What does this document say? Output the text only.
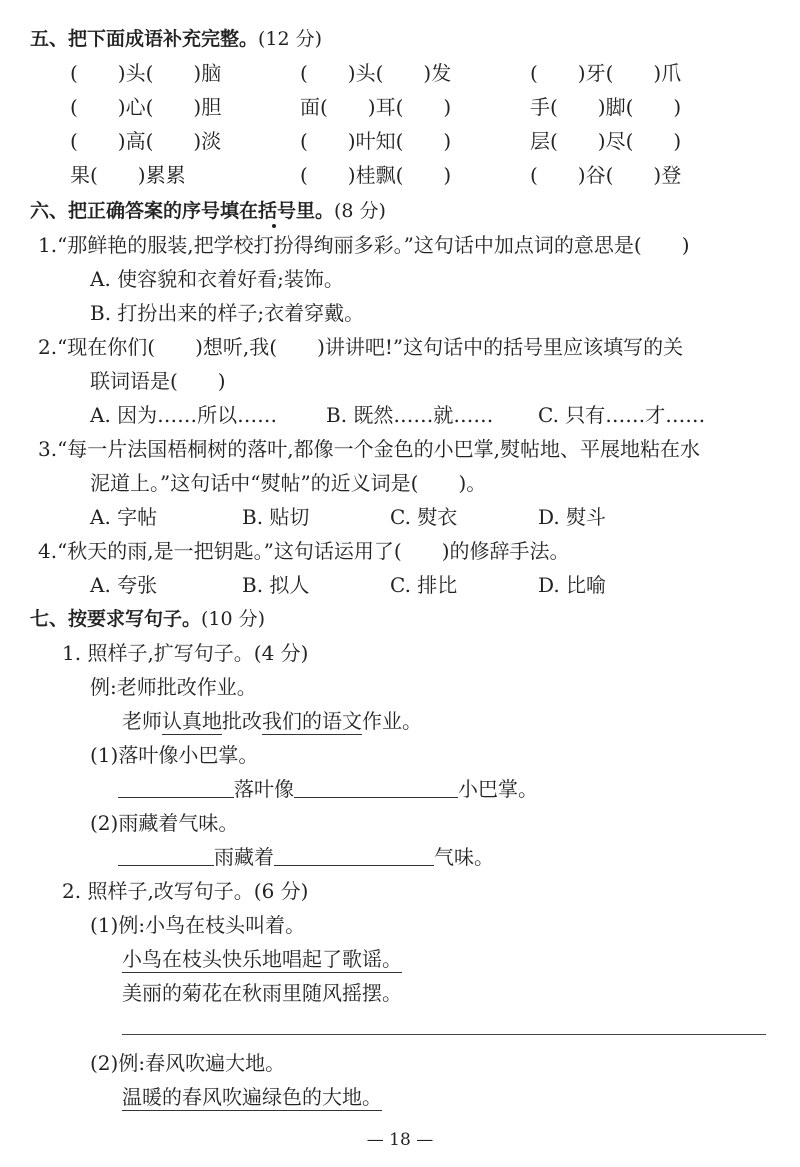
五、把下面成语补充完整。(12 分)
(　　)头(　　)脑	(　　)头(　　)发	(　　)牙(　　)爪
(　　)心(　　)胆	面(　　)耳(　　)	手(　　)脚(　　)
(　　)高(　　)淡	(　　)叶知(　　)	层(　　)尽(　　)
果(　　)累累	(　　)桂飘(　　)	(　　)谷(　　)登
六、把正确答案的序号填在括号里。(8 分)
1.“那鲜艳的服装,把学校打扮得绚丽多彩。”这句话中加点词的意思是(　　)
A. 使容貌和衣着好看;装饰。
B. 打扮出来的样子;衣着穿戴。
2.“现在你们(　　)想听,我(　　)讲讲吧!”这句话中的括号里应该填写的关
联词语是(　　)
A. 因为……所以…… B. 既然……就…… C. 只有……才……
3.“每一片法国梧桐树的落叶,都像一个金色的小巴掌,熨帖地、平展地粘在水
泥道上。”这句话中“熨帖”的近义词是(　　)。
A. 字帖	B. 贴切	C. 熨衣	D. 熨斗
4.“秋天的雨,是一把钥匙。”这句话运用了(　　)的修辞手法。
A. 夸张	B. 拟人	C. 排比	D. 比喻
七、按要求写句子。(10 分)
1. 照样子,扩写句子。(4 分)
例:老师批改作业。
老师认真地批改我们的语文作业。
(1)落叶像小巴掌。
落叶像	小巴掌。
(2)雨藏着气味。
雨藏着	气味。
2. 照样子,改写句子。(6 分)
(1)例:小鸟在枝头叫着。
小鸟在枝头快乐地唱起了歌谣。
美丽的菊花在秋雨里随风摇摆。
(2)例:春风吹遍大地。
温暖的春风吹遍绿色的大地。
— 18 —
